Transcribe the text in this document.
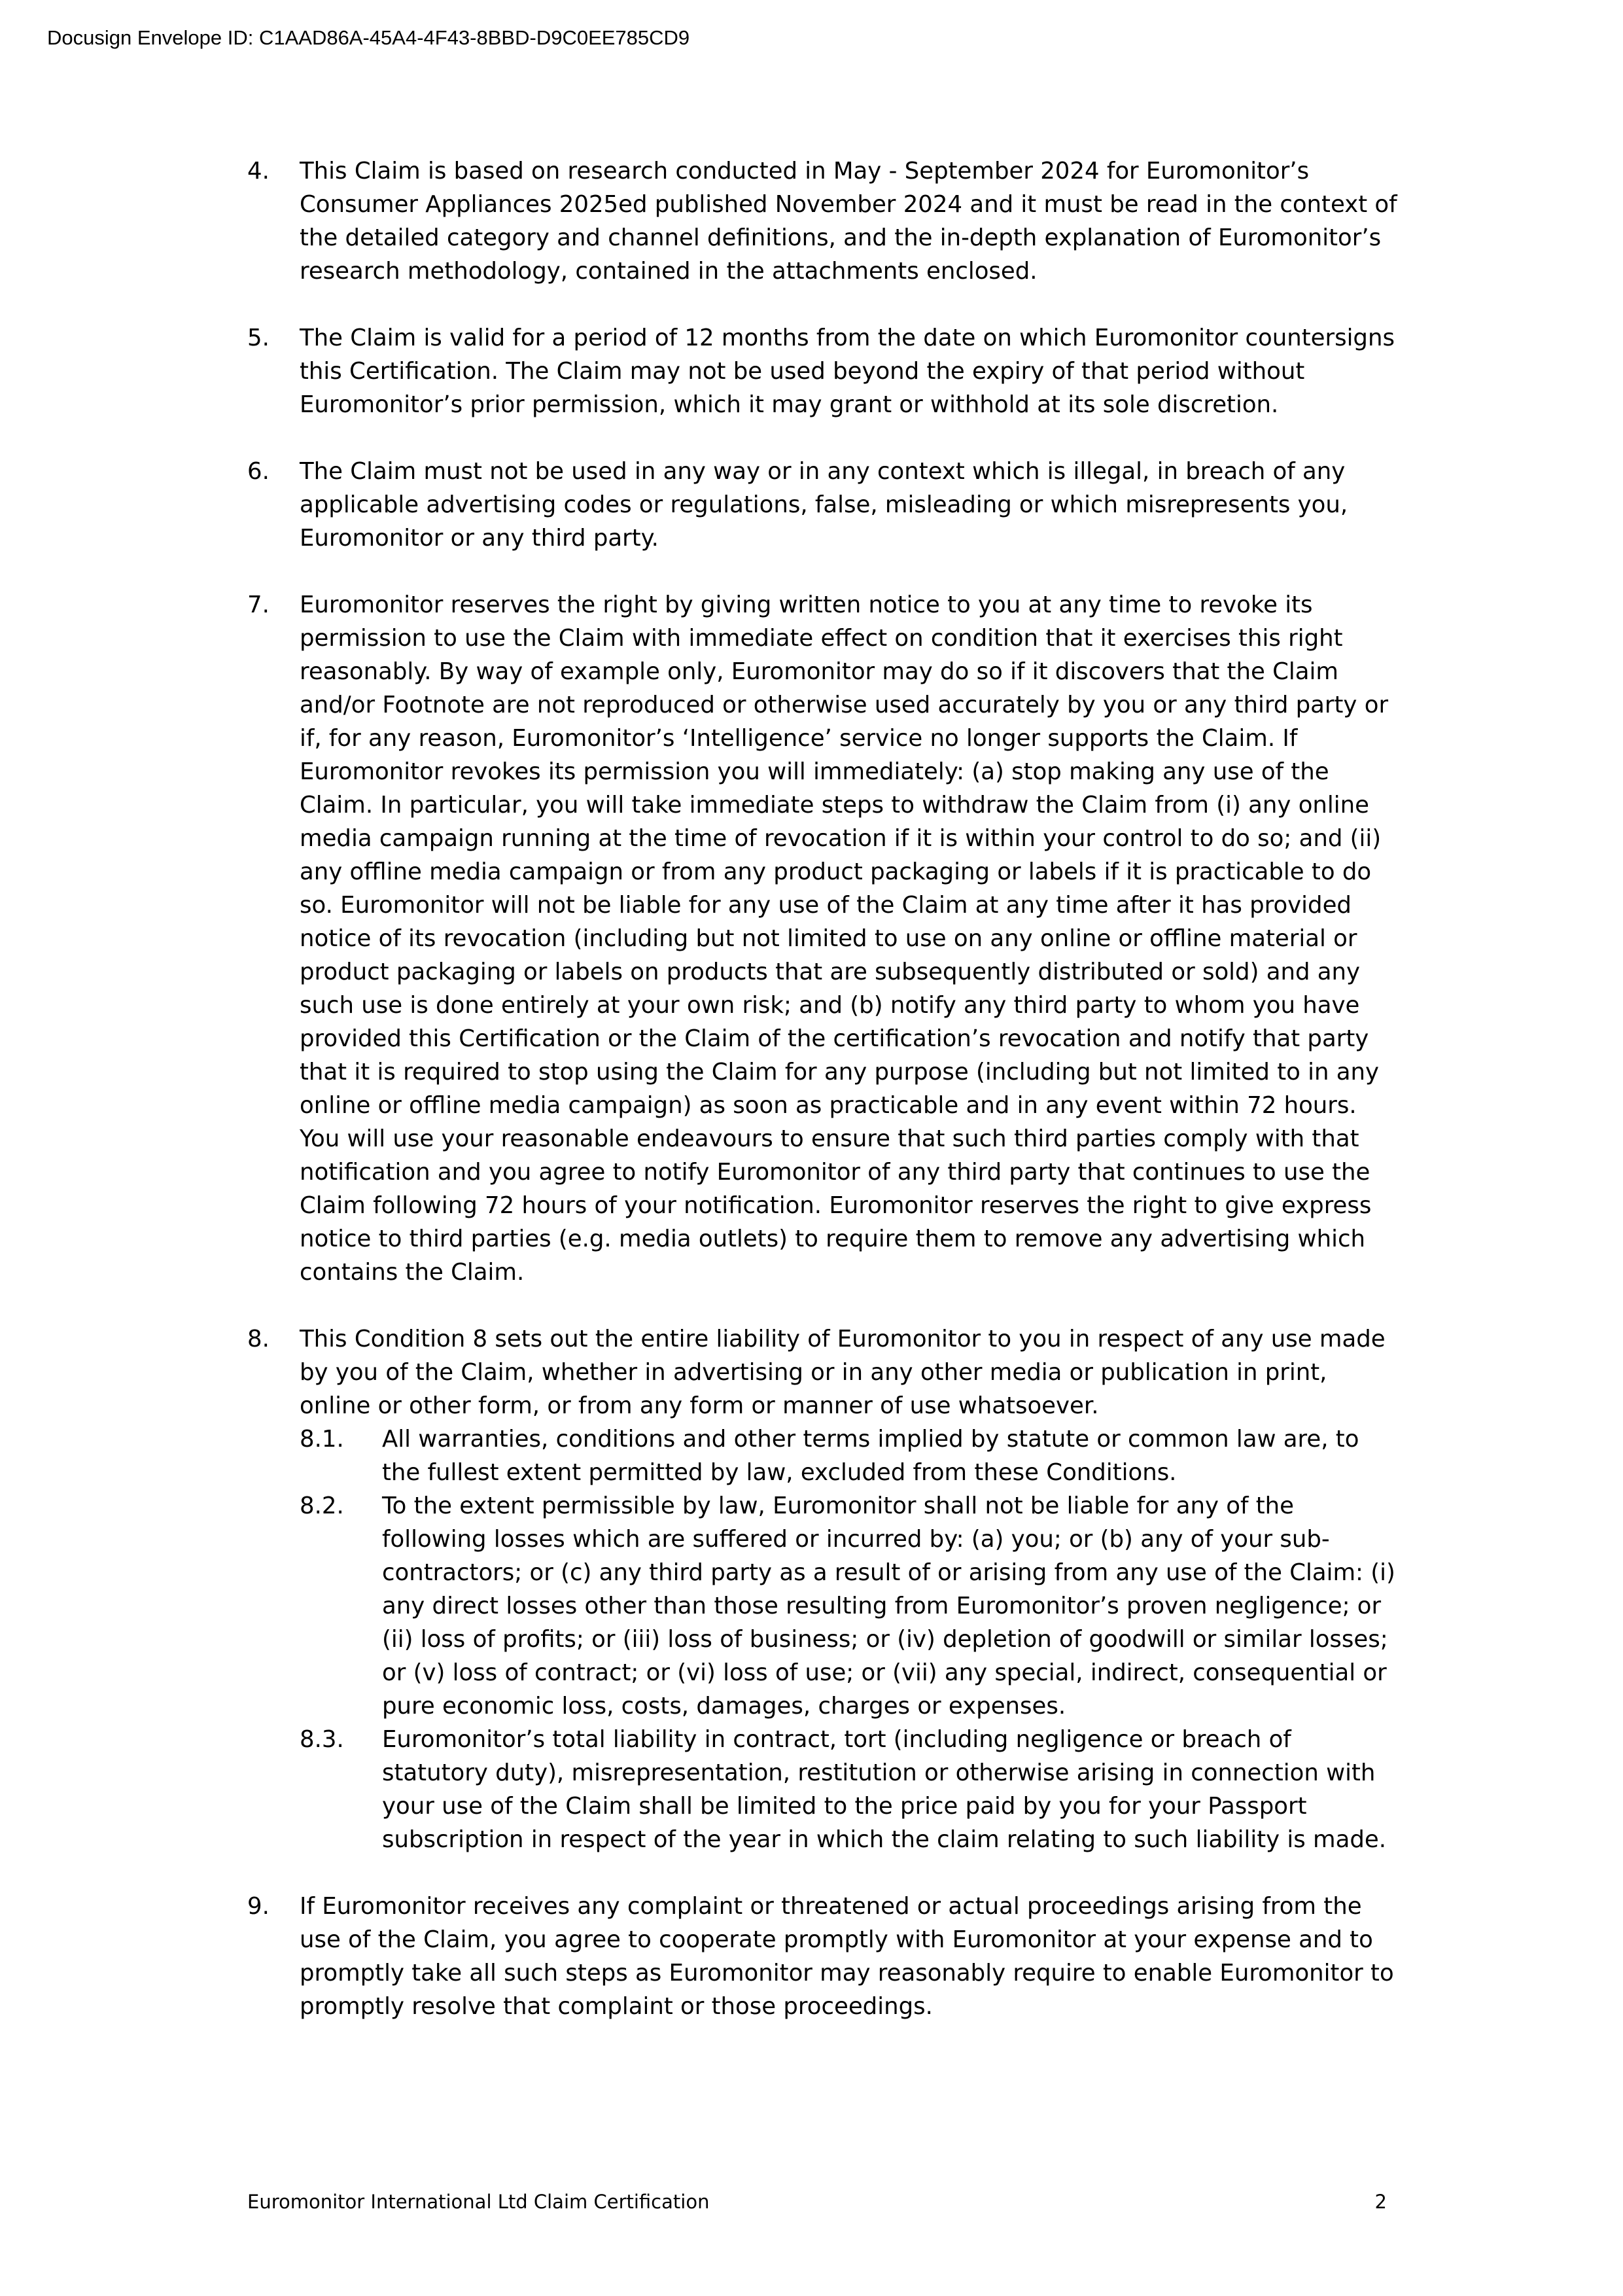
Docusign Envelope ID: C1AAD86A-45A4-4F43-8BBD-D9C0EE785CD9
4. This Claim is based on research conducted in May - September 2024 for Euromonitor’s Consumer Appliances 2025ed published November 2024 and it must be read in the context of the detailed category and channel definitions, and the in-depth explanation of Euromonitor’s research methodology, contained in the attachments enclosed.

5. The Claim is valid for a period of 12 months from the date on which Euromonitor countersigns this Certification. The Claim may not be used beyond the expiry of that period without Euromonitor’s prior permission, which it may grant or withhold at its sole discretion.

6. The Claim must not be used in any way or in any context which is illegal, in breach of any applicable advertising codes or regulations, false, misleading or which misrepresents you, Euromonitor or any third party.

7. Euromonitor reserves the right by giving written notice to you at any time to revoke its permission to use the Claim with immediate effect on condition that it exercises this right reasonably. By way of example only, Euromonitor may do so if it discovers that the Claim and/or Footnote are not reproduced or otherwise used accurately by you or any third party or if, for any reason, Euromonitor’s ‘Intelligence’ service no longer supports the Claim. If Euromonitor revokes its permission you will immediately: (a) stop making any use of the Claim. In particular, you will take immediate steps to withdraw the Claim from (i) any online media campaign running at the time of revocation if it is within your control to do so; and (ii) any offline media campaign or from any product packaging or labels if it is practicable to do so. Euromonitor will not be liable for any use of the Claim at any time after it has provided notice of its revocation (including but not limited to use on any online or offline material or product packaging or labels on products that are subsequently distributed or sold) and any such use is done entirely at your own risk; and (b) notify any third party to whom you have provided this Certification or the Claim of the certification’s revocation and notify that party that it is required to stop using the Claim for any purpose (including but not limited to in any online or offline media campaign) as soon as practicable and in any event within 72 hours. You will use your reasonable endeavours to ensure that such third parties comply with that notification and you agree to notify Euromonitor of any third party that continues to use the Claim following 72 hours of your notification. Euromonitor reserves the right to give express notice to third parties (e.g. media outlets) to require them to remove any advertising which contains the Claim.

8. This Condition 8 sets out the entire liability of Euromonitor to you in respect of any use made by you of the Claim, whether in advertising or in any other media or publication in print, online or other form, or from any form or manner of use whatsoever.

8.1. All warranties, conditions and other terms implied by statute or common law are, to the fullest extent permitted by law, excluded from these Conditions.

8.2. To the extent permissible by law, Euromonitor shall not be liable for any of the following losses which are suffered or incurred by: (a) you; or (b) any of your sub-contractors; or (c) any third party as a result of or arising from any use of the Claim: (i) any direct losses other than those resulting from Euromonitor’s proven negligence; or (ii) loss of profits; or (iii) loss of business; or (iv) depletion of goodwill or similar losses; or (v) loss of contract; or (vi) loss of use; or (vii) any special, indirect, consequential or pure economic loss, costs, damages, charges or expenses.

8.3. Euromonitor’s total liability in contract, tort (including negligence or breach of statutory duty), misrepresentation, restitution or otherwise arising in connection with your use of the Claim shall be limited to the price paid by you for your Passport subscription in respect of the year in which the claim relating to such liability is made.

9. If Euromonitor receives any complaint or threatened or actual proceedings arising from the use of the Claim, you agree to cooperate promptly with Euromonitor at your expense and to promptly take all such steps as Euromonitor may reasonably require to enable Euromonitor to promptly resolve that complaint or those proceedings.

Euromonitor International Ltd Claim Certification	2
